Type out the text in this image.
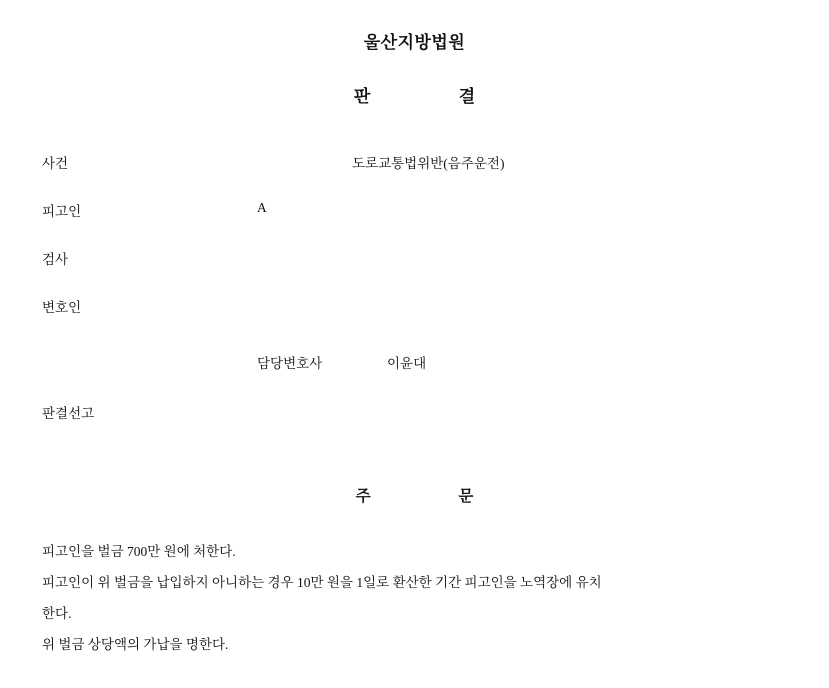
울산지방법원
판	결
사건	도로교통법위반(음주운전)
피고인	A
검사
변호인
담당변호사	이윤대
판결선고
주	문

피고인을 벌금 700만 원에 처한다.

피고인이 위 벌금을 납입하지 아니하는 경우 10만 원을 1일로 환산한 기간 피고인을 노역장에 유치

한다.

위 벌금 상당액의 가납을 명한다.
